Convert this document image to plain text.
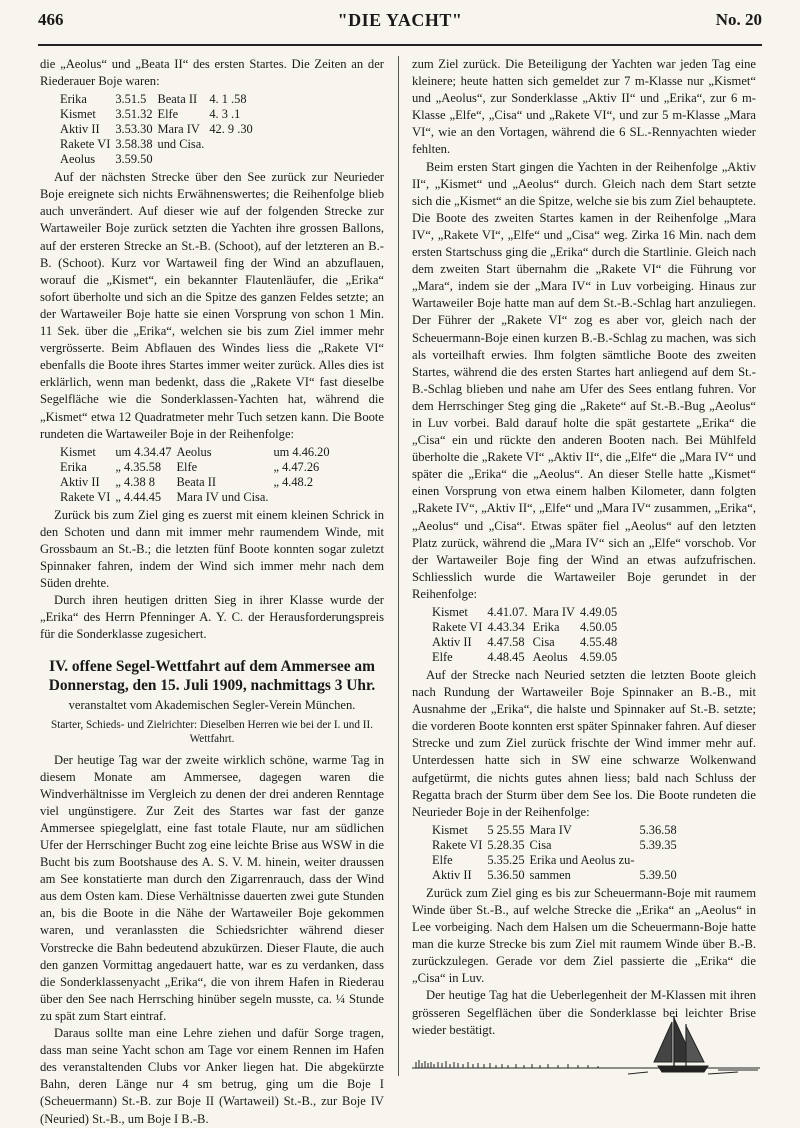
466	"DIE YACHT"	No. 20

die „Aeolus“ und „Beata II“ des ersten Startes. Die Zeiten an der Riederauer Boje waren:

Erika	3.51.5	Beata II	4. 1 .58
Kismet	3.51.32	Elfe	4. 3 .1
Aktiv II	3.53.30	Mara IV	42. 9 .30
Rakete VI	3.58.38	und Cisa.	
Aeolus	3.59.50		

Auf der nächsten Strecke über den See zurück zur Neurieder Boje ereignete sich nichts Erwähnenswertes; die Reihenfolge blieb auch unverändert. Auf dieser wie auf der folgenden Strecke zur Wartaweiler Boje zurück setzten die Yachten ihre grossen Ballons, auf der ersteren Strecke an St.-B. (Schoot), auf der letzteren an B.-B. (Schoot). Kurz vor Wartaweil fing der Wind an abzuflauen, worauf die „Kismet“, ein bekannter Flautenläufer, die „Erika“ sofort überholte und sich an die Spitze des ganzen Feldes setzte; an der Wartaweiler Boje hatte sie einen Vorsprung von schon 1 Min. 11 Sek. über die „Erika“, welchen sie bis zum Ziel immer mehr vergrösserte. Beim Abflauen des Windes liess die „Rakete VI“ ebenfalls die Boote ihres Startes immer weiter zurück. Alles dies ist erklärlich, wenn man bedenkt, dass die „Rakete VI“ fast dieselbe Segelfläche wie die Sonderklassen-Yachten hat, während die „Kismet“ etwa 12 Quadratmeter mehr Tuch setzen kann. Die Boote rundeten die Wartaweiler Boje in der Reihenfolge:

Kismet	um 4.34.47	Aeolus	um 4.46.20
Erika	„ 4.35.58	Elfe	„ 4.47.26
Aktiv II	„ 4.38 8	Beata II	„ 4.48.2
Rakete VI	„ 4.44.45	Mara IV und Cisa.	

Zurück bis zum Ziel ging es zuerst mit einem kleinen Schrick in den Schoten und dann mit immer mehr raumendem Winde, mit Grossbaum an St.-B.; die letzten fünf Boote konnten sogar zuletzt Spinnaker fahren, indem der Wind sich immer mehr nach dem Süden drehte.

Durch ihren heutigen dritten Sieg in ihrer Klasse wurde der „Erika“ des Herrn Pfenninger A. Y. C. der Herausforderungspreis für die Sonderklasse zugesichert.

IV. offene Segel-Wettfahrt auf dem Ammersee am Donnerstag, den 15. Juli 1909, nachmittags 3 Uhr.

veranstaltet vom Akademischen Segler-Verein München.

Starter, Schieds- und Zielrichter: Dieselben Herren wie bei der I. und II. Wettfahrt.

Der heutige Tag war der zweite wirklich schöne, warme Tag in diesem Monate am Ammersee, dagegen waren die Windverhältnisse im Vergleich zu denen der drei anderen Renntage viel ungünstigere. Zur Zeit des Startes war fast der ganze Ammersee spiegelglatt, eine fast totale Flaute, nur am südlichen Ufer der Herrschinger Bucht zog eine leichte Brise aus WSW in die Bucht bis zum Bootshause des A. S. V. M. hinein, weiter draussen am See konstatierte man durch den Zigarrenrauch, dass der Wind aus dem Osten kam. Diese Verhältnisse dauerten zwei gute Stunden an, bis die Boote in die Nähe der Wartaweiler Boje gekommen waren, und veranlassten die Schiedsrichter während dieser Vorstrecke die Bahn bedeutend abzukürzen. Dieser Flaute, die auch den ganzen Vormittag angedauert hatte, war es zu verdanken, dass die Sonderklassenyacht „Erika“, die von ihrem Hafen in Riederau über den See nach Herrsching hinüber segeln musste, ca. ¼ Stunde zu spät zum Start eintraf.

Daraus sollte man eine Lehre ziehen und dafür Sorge tragen, dass man seine Yacht schon am Tage vor einem Rennen im Hafen des veranstaltenden Clubs vor Anker liegen hat. Die abgekürzte Bahn, deren Länge nur 4 sm betrug, ging um die Boje I (Scheuermann) St.-B. zur Boje II (Wartaweil) St.-B., zur Boje IV (Neuried) St.-B., um Boje I B.-B.

zum Ziel zurück. Die Beteiligung der Yachten war jeden Tag eine kleinere; heute hatten sich gemeldet zur 7 m-Klasse nur „Kismet“ und „Aeolus“, zur Sonderklasse „Aktiv II“ und „Erika“, zur 6 m-Klasse „Elfe“, „Cisa“ und „Rakete VI“, und zur 5 m-Klasse „Mara VI“, wie an den Vortagen, während die 6 SL.-Rennyachten wieder fehlten.

Beim ersten Start gingen die Yachten in der Reihenfolge „Aktiv II“, „Kismet“ und „Aeolus“ durch. Gleich nach dem Start setzte sich die „Kismet“ an die Spitze, welche sie bis zum Ziel behauptete. Die Boote des zweiten Startes kamen in der Reihenfolge „Mara IV“, „Rakete VI“, „Elfe“ und „Cisa“ weg. Zirka 16 Min. nach dem ersten Startschuss ging die „Erika“ durch die Startlinie. Gleich nach dem zweiten Start übernahm die „Rakete VI“ die Führung vor „Mara“, indem sie der „Mara IV“ in Luv vorbeiging. Hinaus zur Wartaweiler Boje hatte man auf dem St.-B.-Schlag hart anzuliegen. Der Führer der „Rakete VI“ zog es aber vor, gleich nach der Scheuermann-Boje einen kurzen B.-B.-Schlag zu machen, was sich als vorteilhaft erwies. Ihm folgten sämtliche Boote des zweiten Startes, während die des ersten Startes hart anliegend auf dem St.-B.-Schlag blieben und nahe am Ufer des Sees entlang fuhren. Vor dem Herrschinger Steg ging die „Rakete“ auf St.-B.-Bug „Aeolus“ in Luv vorbei. Bald darauf holte die spät gestartete „Erika“ die „Cisa“ ein und rückte den anderen Booten nach. Bei Mühlfeld überholte die „Rakete VI“ „Aktiv II“, die „Elfe“ die „Mara IV“ und später die „Erika“ die „Aeolus“. An dieser Stelle hatte „Kismet“ einen Vorsprung von etwa einem halben Kilometer, dann folgten „Rakete IV“, „Aktiv II“, „Elfe“ und „Mara IV“ zusammen, „Erika“, „Aeolus“ und „Cisa“. Etwas später fiel „Aeolus“ auf den letzten Platz zurück, während die „Mara IV“ sich an „Elfe“ vorschob. Vor der Wartaweiler Boje fing der Wind an etwas aufzufrischen. Schliesslich wurde die Wartaweiler Boje gerundet in der Reihenfolge:

Kismet	4.41.07.	Mara IV	4.49.05
Rakete VI	4.43.34	Erika	4.50.05
Aktiv II	4.47.58	Cisa	4.55.48
Elfe	4.48.45	Aeolus	4.59.05

Auf der Strecke nach Neuried setzten die letzten Boote gleich nach Rundung der Wartaweiler Boje Spinnaker an B.-B., mit Ausnahme der „Erika“, die halste und Spinnaker auf St.-B. setzte; die vorderen Boote konnten erst später Spinnaker fahren. Auf dieser Strecke und zum Ziel zurück frischte der Wind immer mehr auf. Unterdessen hatte sich in SW eine schwarze Wolkenwand aufgetürmt, die nichts gutes ahnen liess; bald nach Schluss der Regatta brach der Sturm über dem See los. Die Boote rundeten die Neurieder Boje in der Reihenfolge:

Kismet	5 25.55	Mara IV	5.36.58
Rakete VI	5.28.35	Cisa	5.39.35
Elfe	5.35.25	Erika und Aeolus zu-	
Aktiv II	5.36.50	sammen	5.39.50

Zurück zum Ziel ging es bis zur Scheuermann-Boje mit raumem Winde über St.-B., auf welche Strecke die „Erika“ an „Aeolus“ in Lee vorbeiging. Nach dem Halsen um die Scheuermann-Boje hatte man die kurze Strecke bis zum Ziel mit raumem Winde über B.-B. zurückzulegen. Gerade vor dem Ziel passierte die „Erika“ die „Cisa“ in Luv.

Der heutige Tag hat die Ueberlegenheit der M-Klassen mit ihren grösseren Segelflächen über die Sonderklasse bei leichter Brise wieder bestätigt.
